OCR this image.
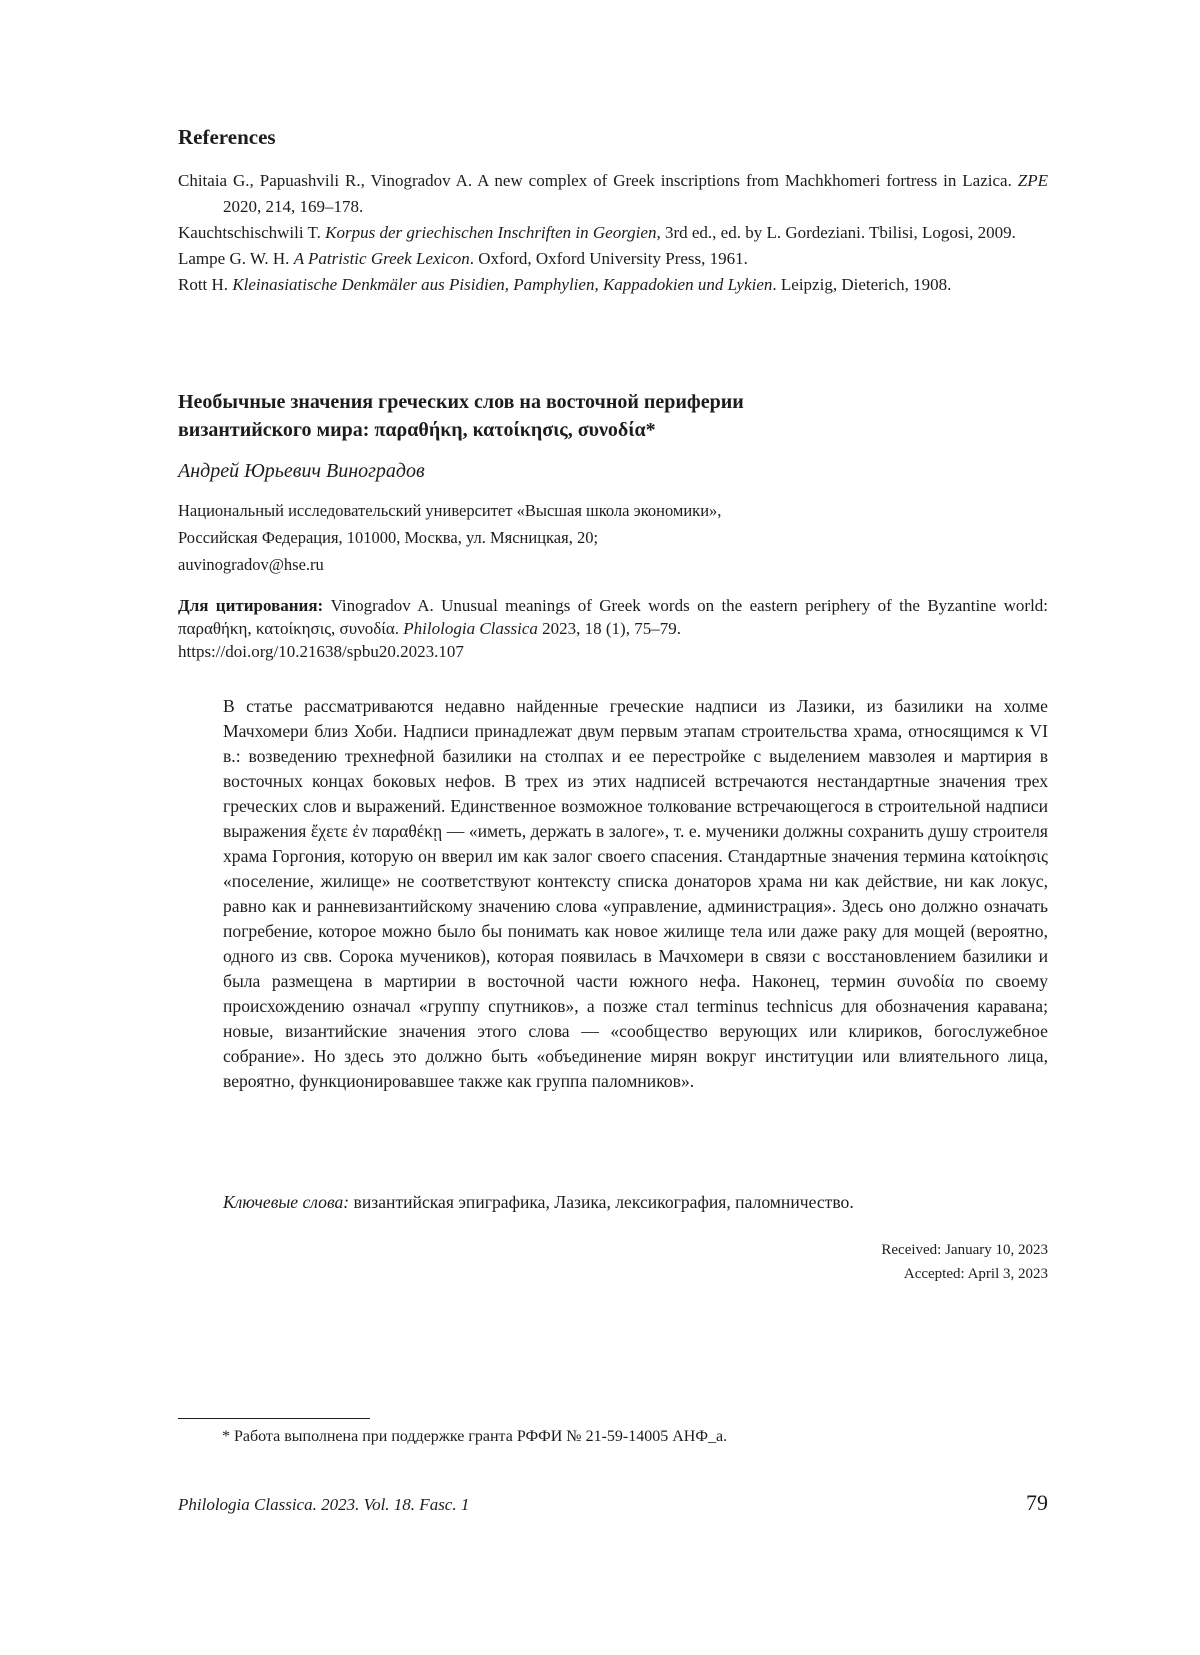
References
Chitaia G., Papuashvili R., Vinogradov A. A new complex of Greek inscriptions from Machkhomeri fortress in Lazica. ZPE 2020, 214, 169–178.
Kauchtschischwili T. Korpus der griechischen Inschriften in Georgien, 3rd ed., ed. by L. Gordeziani. Tbilisi, Logosi, 2009.
Lampe G. W. H. A Patristic Greek Lexicon. Oxford, Oxford University Press, 1961.
Rott H. Kleinasiatische Denkmäler aus Pisidien, Pamphylien, Kappadokien und Lykien. Leipzig, Dieterich, 1908.
Необычные значения греческих слов на восточной периферии
византийского мира: παραθήκη, κατοίκησις, συνοδία*
Андрей Юрьевич Виноградов
Национальный исследовательский университет «Высшая школа экономики»,
Российская Федерация, 101000, Москва, ул. Мясницкая, 20;
auvinogradov@hse.ru
Для цитирования: Vinogradov A. Unusual meanings of Greek words on the eastern periphery of the Byzantine world: παραθήκη, κατοίκησις, συνοδία. Philologia Classica 2023, 18 (1), 75–79.
https://doi.org/10.21638/spbu20.2023.107
В статье рассматриваются недавно найденные греческие надписи из Лазики, из базилики на холме Мачхомери близ Хоби. Надписи принадлежат двум первым этапам строительства храма, относящимся к VI в.: возведению трехнефной базилики на столпах и ее перестройке с выделением мавзолея и мартирия в восточных концах боковых нефов. В трех из этих надписей встречаются нестандартные значения трех греческих слов и выражений. Единственное возможное толкование встречающегося в строительной надписи выражения ἔχετε ἐν παραθέκῃ — «иметь, держать в залоге», т. е. мученики должны сохранить душу строителя храма Горгония, которую он вверил им как залог своего спасения. Стандартные значения термина κατοίκησις «поселение, жилище» не соответствуют контексту списка донаторов храма ни как действие, ни как локус, равно как и ранневизантийскому значению слова «управление, администрация». Здесь оно должно означать погребение, которое можно было бы понимать как новое жилище тела или даже раку для мощей (вероятно, одного из свв. Сорока мучеников), которая появилась в Мачхомери в связи с восстановлением базилики и была размещена в мартирии в восточной части южного нефа. Наконец, термин συνοδία по своему происхождению означал «группу спутников», а позже стал terminus technicus для обозначения каравана; новые, византийские значения этого слова — «сообщество верующих или клириков, богослужебное собрание». Но здесь это должно быть «объединение мирян вокруг институции или влиятельного лица, вероятно, функционировавшее также как группа паломников».
Ключевые слова: византийская эпиграфика, Лазика, лексикография, паломничество.
Received: January 10, 2023
Accepted: April 3, 2023
* Работа выполнена при поддержке гранта РФФИ № 21-59-14005 АНФ_а.
Philologia Classica. 2023. Vol. 18. Fasc. 1	79
